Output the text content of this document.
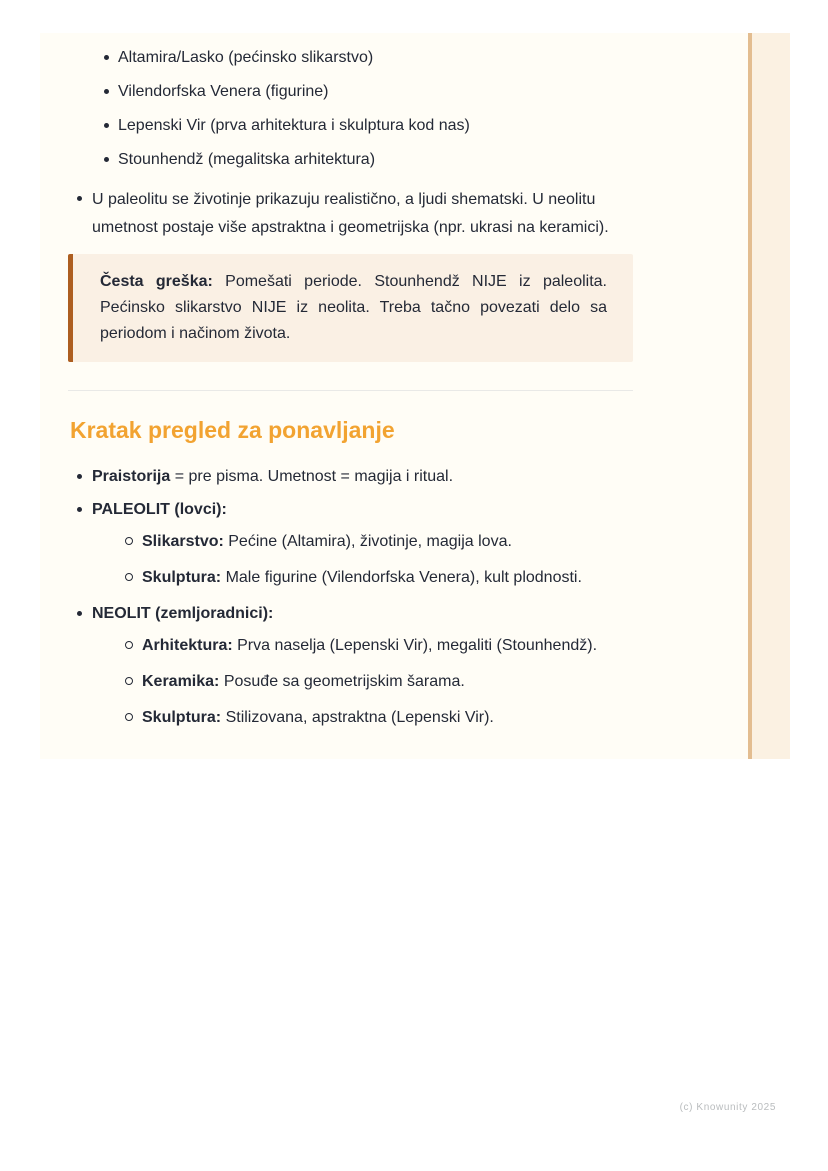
Altamira/Lasko (pećinsko slikarstvo)
Vilendorfska Venera (figurine)
Lepenski Vir (prva arhitektura i skulptura kod nas)
Stounhendž (megalitska arhitektura)
U paleolitu se životinje prikazuju realistično, a ljudi shematski. U neolitu umetnost postaje više apstraktna i geometrijska (npr. ukrasi na keramici).
Česta greška: Pomešati periode. Stounhendž NIJE iz paleolita. Pećinsko slikarstvo NIJE iz neolita. Treba tačno povezati delo sa periodom i načinom života.
Kratak pregled za ponavljanje
Praistorija = pre pisma. Umetnost = magija i ritual.
PALEOLIT (lovci):
Slikarstvo: Pećine (Altamira), životinje, magija lova.
Skulptura: Male figurine (Vilendorfska Venera), kult plodnosti.
NEOLIT (zemljoradnici):
Arhitektura: Prva naselja (Lepenski Vir), megaliti (Stounhendž).
Keramika: Posuđe sa geometrijskim šarama.
Skulptura: Stilizovana, apstraktna (Lepenski Vir).
(c) Knowunity 2025
